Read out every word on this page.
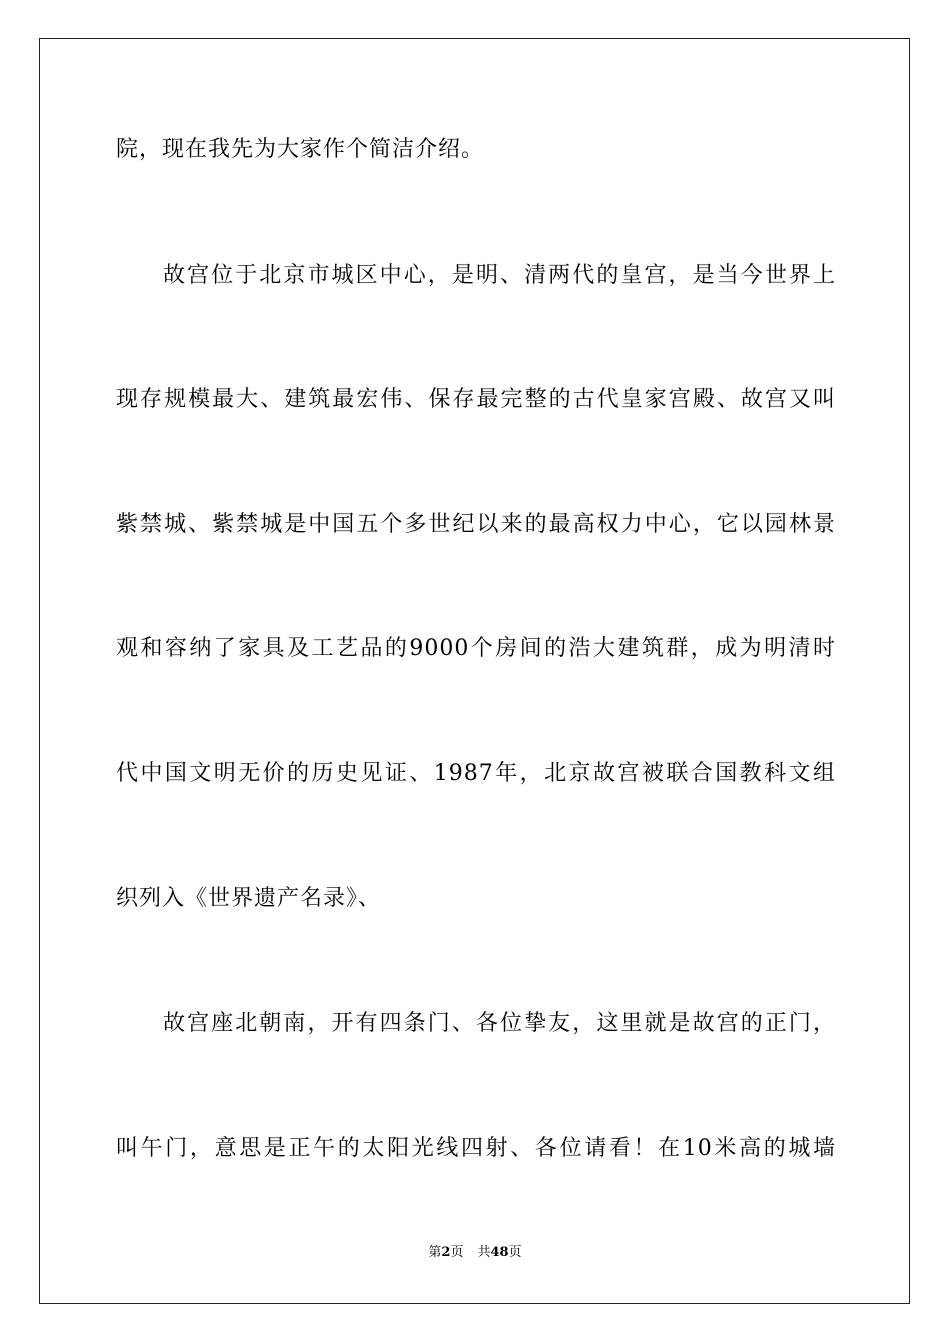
院，现在我先为大家作个简洁介绍。
故宫位于北京市城区中心，是明、清两代的皇宫，是当今世界上
现存规模最大、建筑最宏伟、保存最完整的古代皇家宫殿、故宫又叫
紫禁城、紫禁城是中国五个多世纪以来的最高权力中心，它以园林景
观和容纳了家具及工艺品的9000个房间的浩大建筑群，成为明清时
代中国文明无价的历史见证、1987年，北京故宫被联合国教科文组
织列入《世界遗产名录》、
故宫座北朝南，开有四条门、各位挚友，这里就是故宫的正门，
叫午门，意思是正午的太阳光线四射、各位请看！在10米高的城墙
第2页 共48页
